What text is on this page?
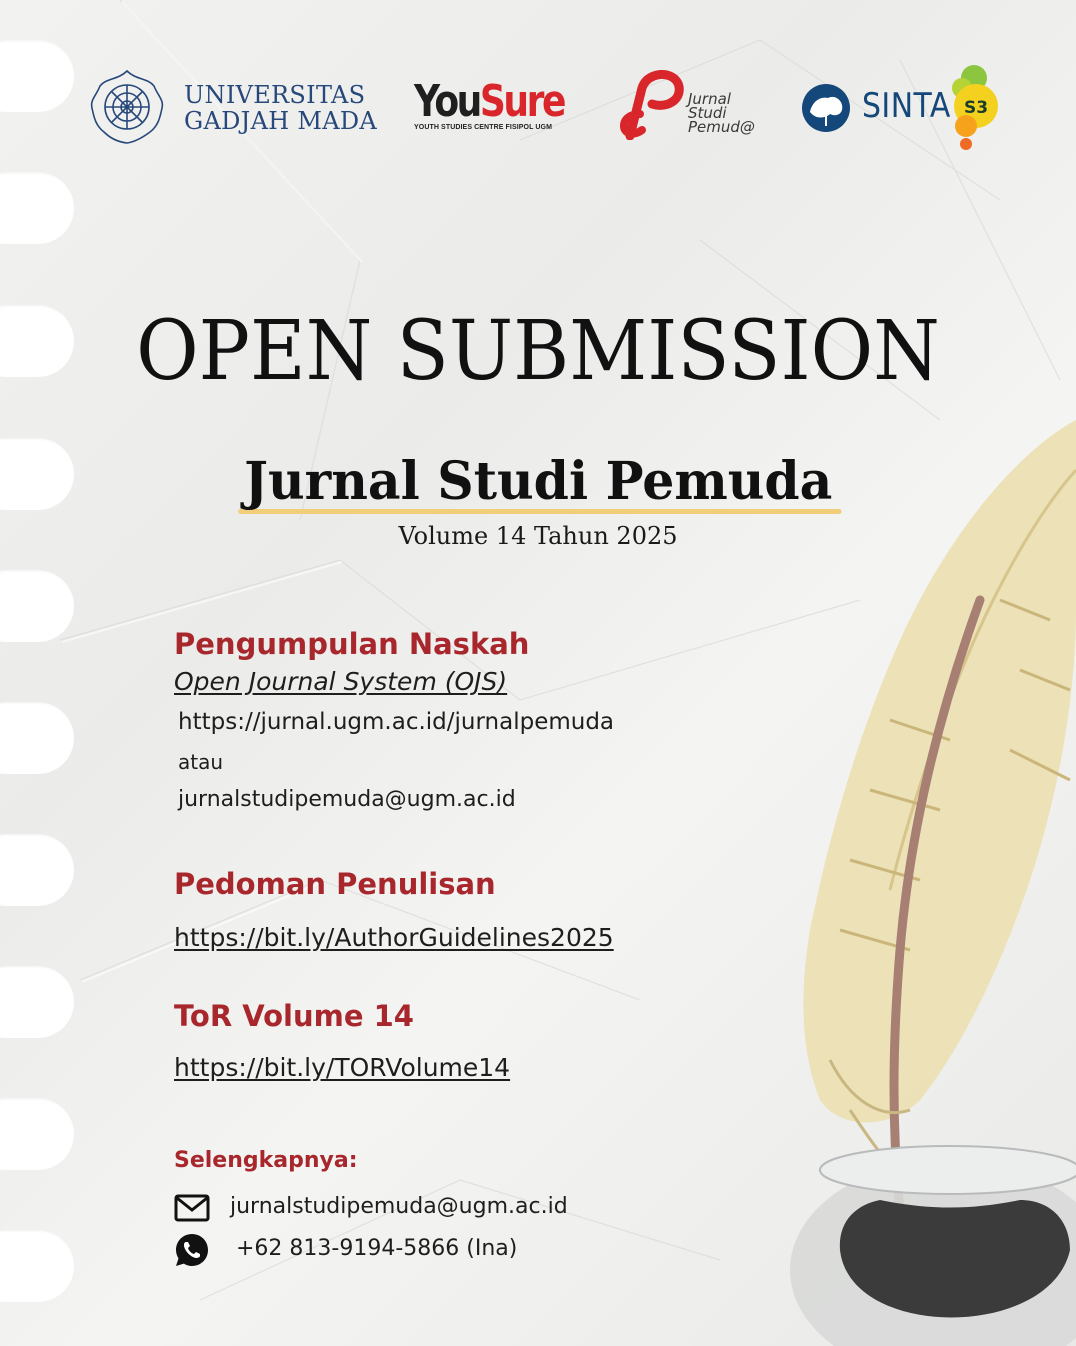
UNIVERSITAS
GADJAH MADA YouSure
YOUTH STUDIES CENTRE FISIPOL UGM
Jurnal
Studi
Pemud@
SINTA S3
OPEN SUBMISSION
Jurnal Studi Pemuda
Volume 14 Tahun 2025
Pengumpulan Naskah
Open Journal System (OJS)
https://jurnal.ugm.ac.id/jurnalpemuda
atau
jurnalstudipemuda@ugm.ac.id
Pedoman Penulisan
https://bit.ly/AuthorGuidelines2025
ToR Volume 14
https://bit.ly/TORVolume14
Selengkapnya:
jurnalstudipemuda@ugm.ac.id
+62 813-9194-5866 (Ina)
